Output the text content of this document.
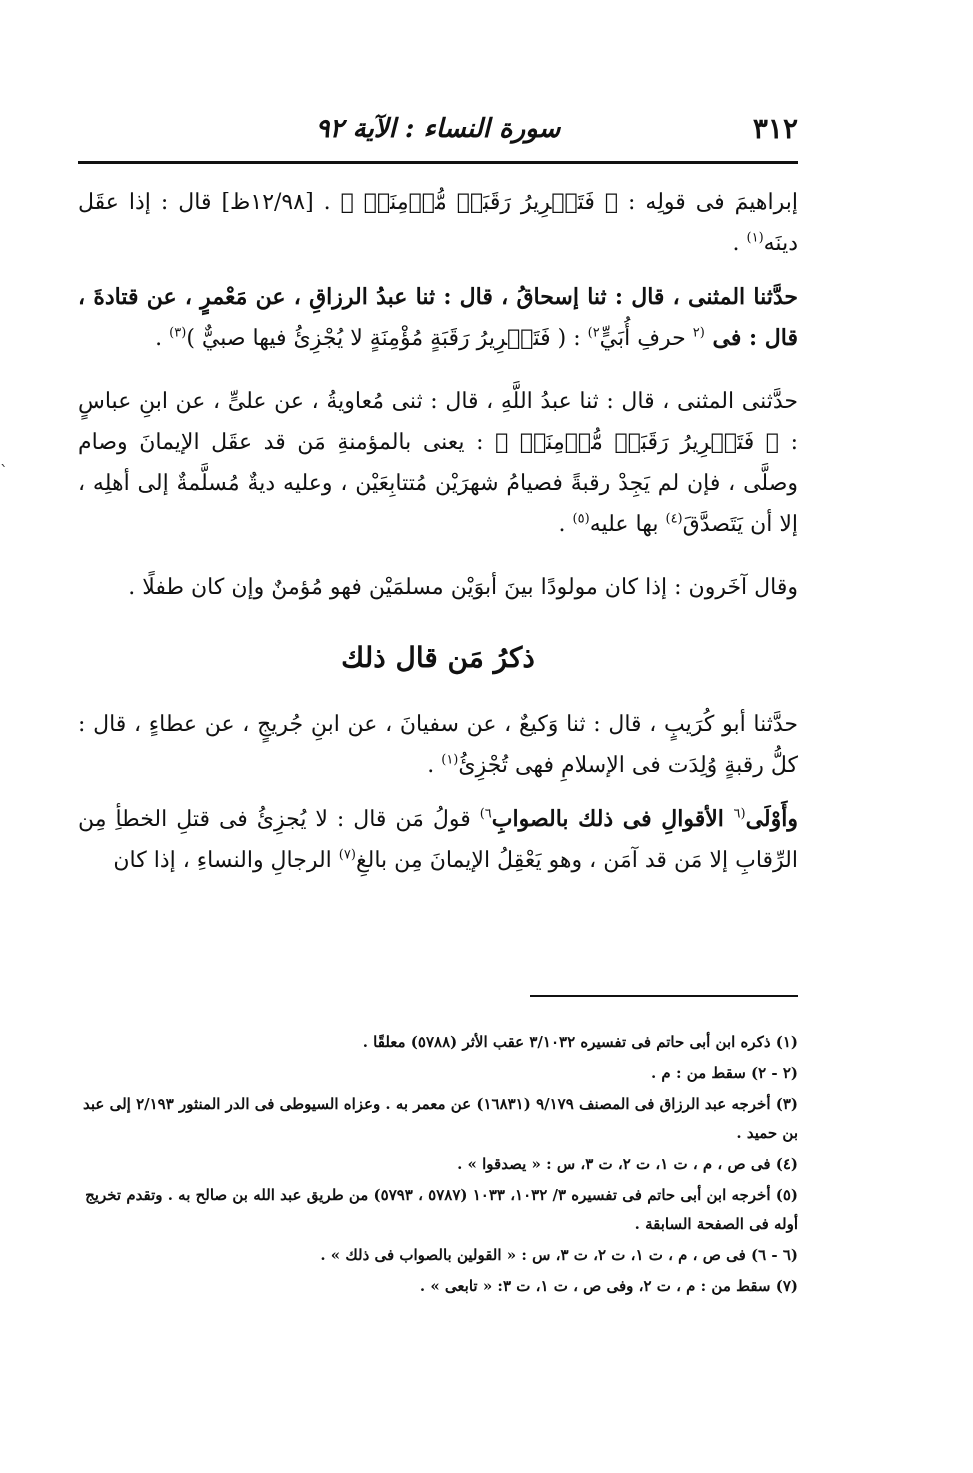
٣١٢
سورة النساء : الآية ٩٢
`

إبراهيمَ فى قولِه : ﴿ فَتَحۡرِيرُ رَقَبَةٖ مُّؤۡمِنَةٖ ﴾ . [١٢/٩٨ظ] قال : إذا عقَل دينَه$^{(١)}$ .

حدَّثنا المثنى ، قال : ثنا إسحاقُ ، قال : ثنا عبدُ الرزاقِ ، عن مَعْمرٍ ، عن قتادةَ ، قال : فى $^{(٢}$ حرفِ أُبَيٍّ$^{٢)}$ : ( فَتَحۡرِيرُ رَقَبَةٍ مُؤْمِنَةٍ لا يُجْزِئُ فيها صبيٌّ )$^{(٣)}$ .

حدَّثنى المثنى ، قال : ثنا عبدُ اللَّهِ ، قال : ثنى مُعاويةُ ، عن علىٍّ ، عن ابنِ عباسٍ : ﴿ فَتَحۡرِيرُ رَقَبَةٖ مُّؤۡمِنَةٖ ﴾ : يعنى بالمؤمنةِ مَن قد عقَل الإيمانَ وصام وصلَّى ، فإن لم يَجِدْ رقبةً فصيامُ شهرَيْن مُتتابِعَيْن ، وعليه ديةٌ مُسلَّمةٌ إلى أهلِه ، إلا أن يَتَصدَّقَ$^{(٤)}$ بها عليه$^{(٥)}$ .

وقال آخَرون : إذا كان مولودًا بينَ أبوَيْن مسلمَيْن فهو مُؤمنٌ وإن كان طفلًا .

ذكرُ مَن قال ذلك

حدَّثنا أبو كُرَيبٍ ، قال : ثنا وَكيعٌ ، عن سفيانَ ، عن ابنِ جُريجٍ ، عن عطاءٍ ، قال : كلُّ رقبةٍ وُلِدَت فى الإسلامِ فهى تُجْزِئُ$^{(١)}$ .

وأَوْلَى$^{(٦}$ الأقوالِ فى ذلك بالصوابِ$^{٦)}$ قولُ مَن قال : لا يُجزِئُ فى قتلِ الخطأِ مِن الرِّقابِ إلا مَن قد آمَن ، وهو يَعْقِلُ الإيمانَ مِن بالغِ$^{(٧)}$ الرجالِ والنساءِ ، إذا كان

(١) ذكره ابن أبى حاتم فى تفسيره ٣/١٠٣٢ عقب الأثر (٥٧٨٨) معلقًا .

(٢ - ٢) سقط من : م .

(٣) أخرجه عبد الرزاق فى المصنف ٩/١٧٩ (١٦٨٣١) عن معمر به . وعزاه السيوطى فى الدر المنثور ٢/١٩٣ إلى عبد بن حميد .

(٤) فى ص ، م ، ت ١، ت ٢، ت ٣، س : « يصدقوا » .

(٥) أخرجه ابن أبى حاتم فى تفسيره ٣/ ١٠٣٢، ١٠٣٣ (٥٧٨٧ ، ٥٧٩٣) من طريق عبد الله بن صالح به . وتقدم تخريج أوله فى الصفحة السابقة .

(٦ - ٦) فى ص ، م ، ت ١، ت ٢، ت ٣، س : « القولين بالصواب فى ذلك » .

(٧) سقط من : م ، ت ٢، وفى ص ، ت ١، ت ٣: « تابعى » .
